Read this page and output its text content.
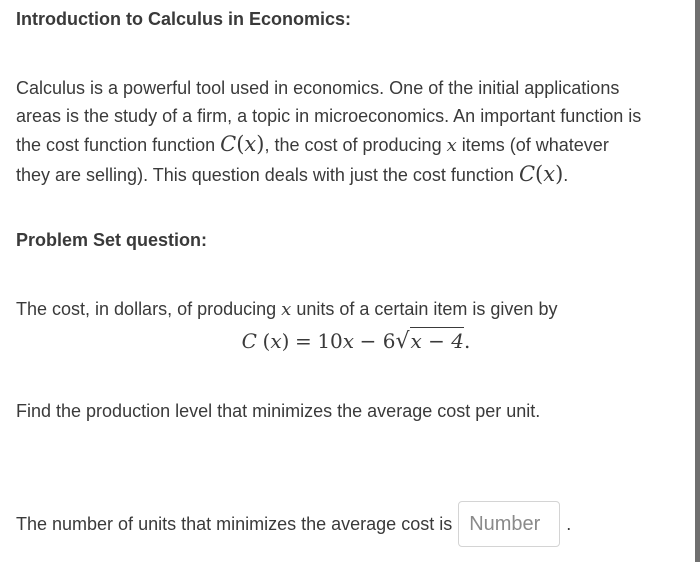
Introduction to Calculus in Economics:
Calculus is a powerful tool used in economics. One of the initial applications
areas is the study of a firm, a topic in microeconomics. An important function is
the cost function function C(x), the cost of producing x items (of whatever
they are selling). This question deals with just the cost function C(x).
Problem Set question:
The cost, in dollars, of producing x units of a certain item is given by
C (x) = 10x − 6√x − 4.
Find the production level that minimizes the average cost per unit.
The number of units that minimizes the average cost is
Number	.
